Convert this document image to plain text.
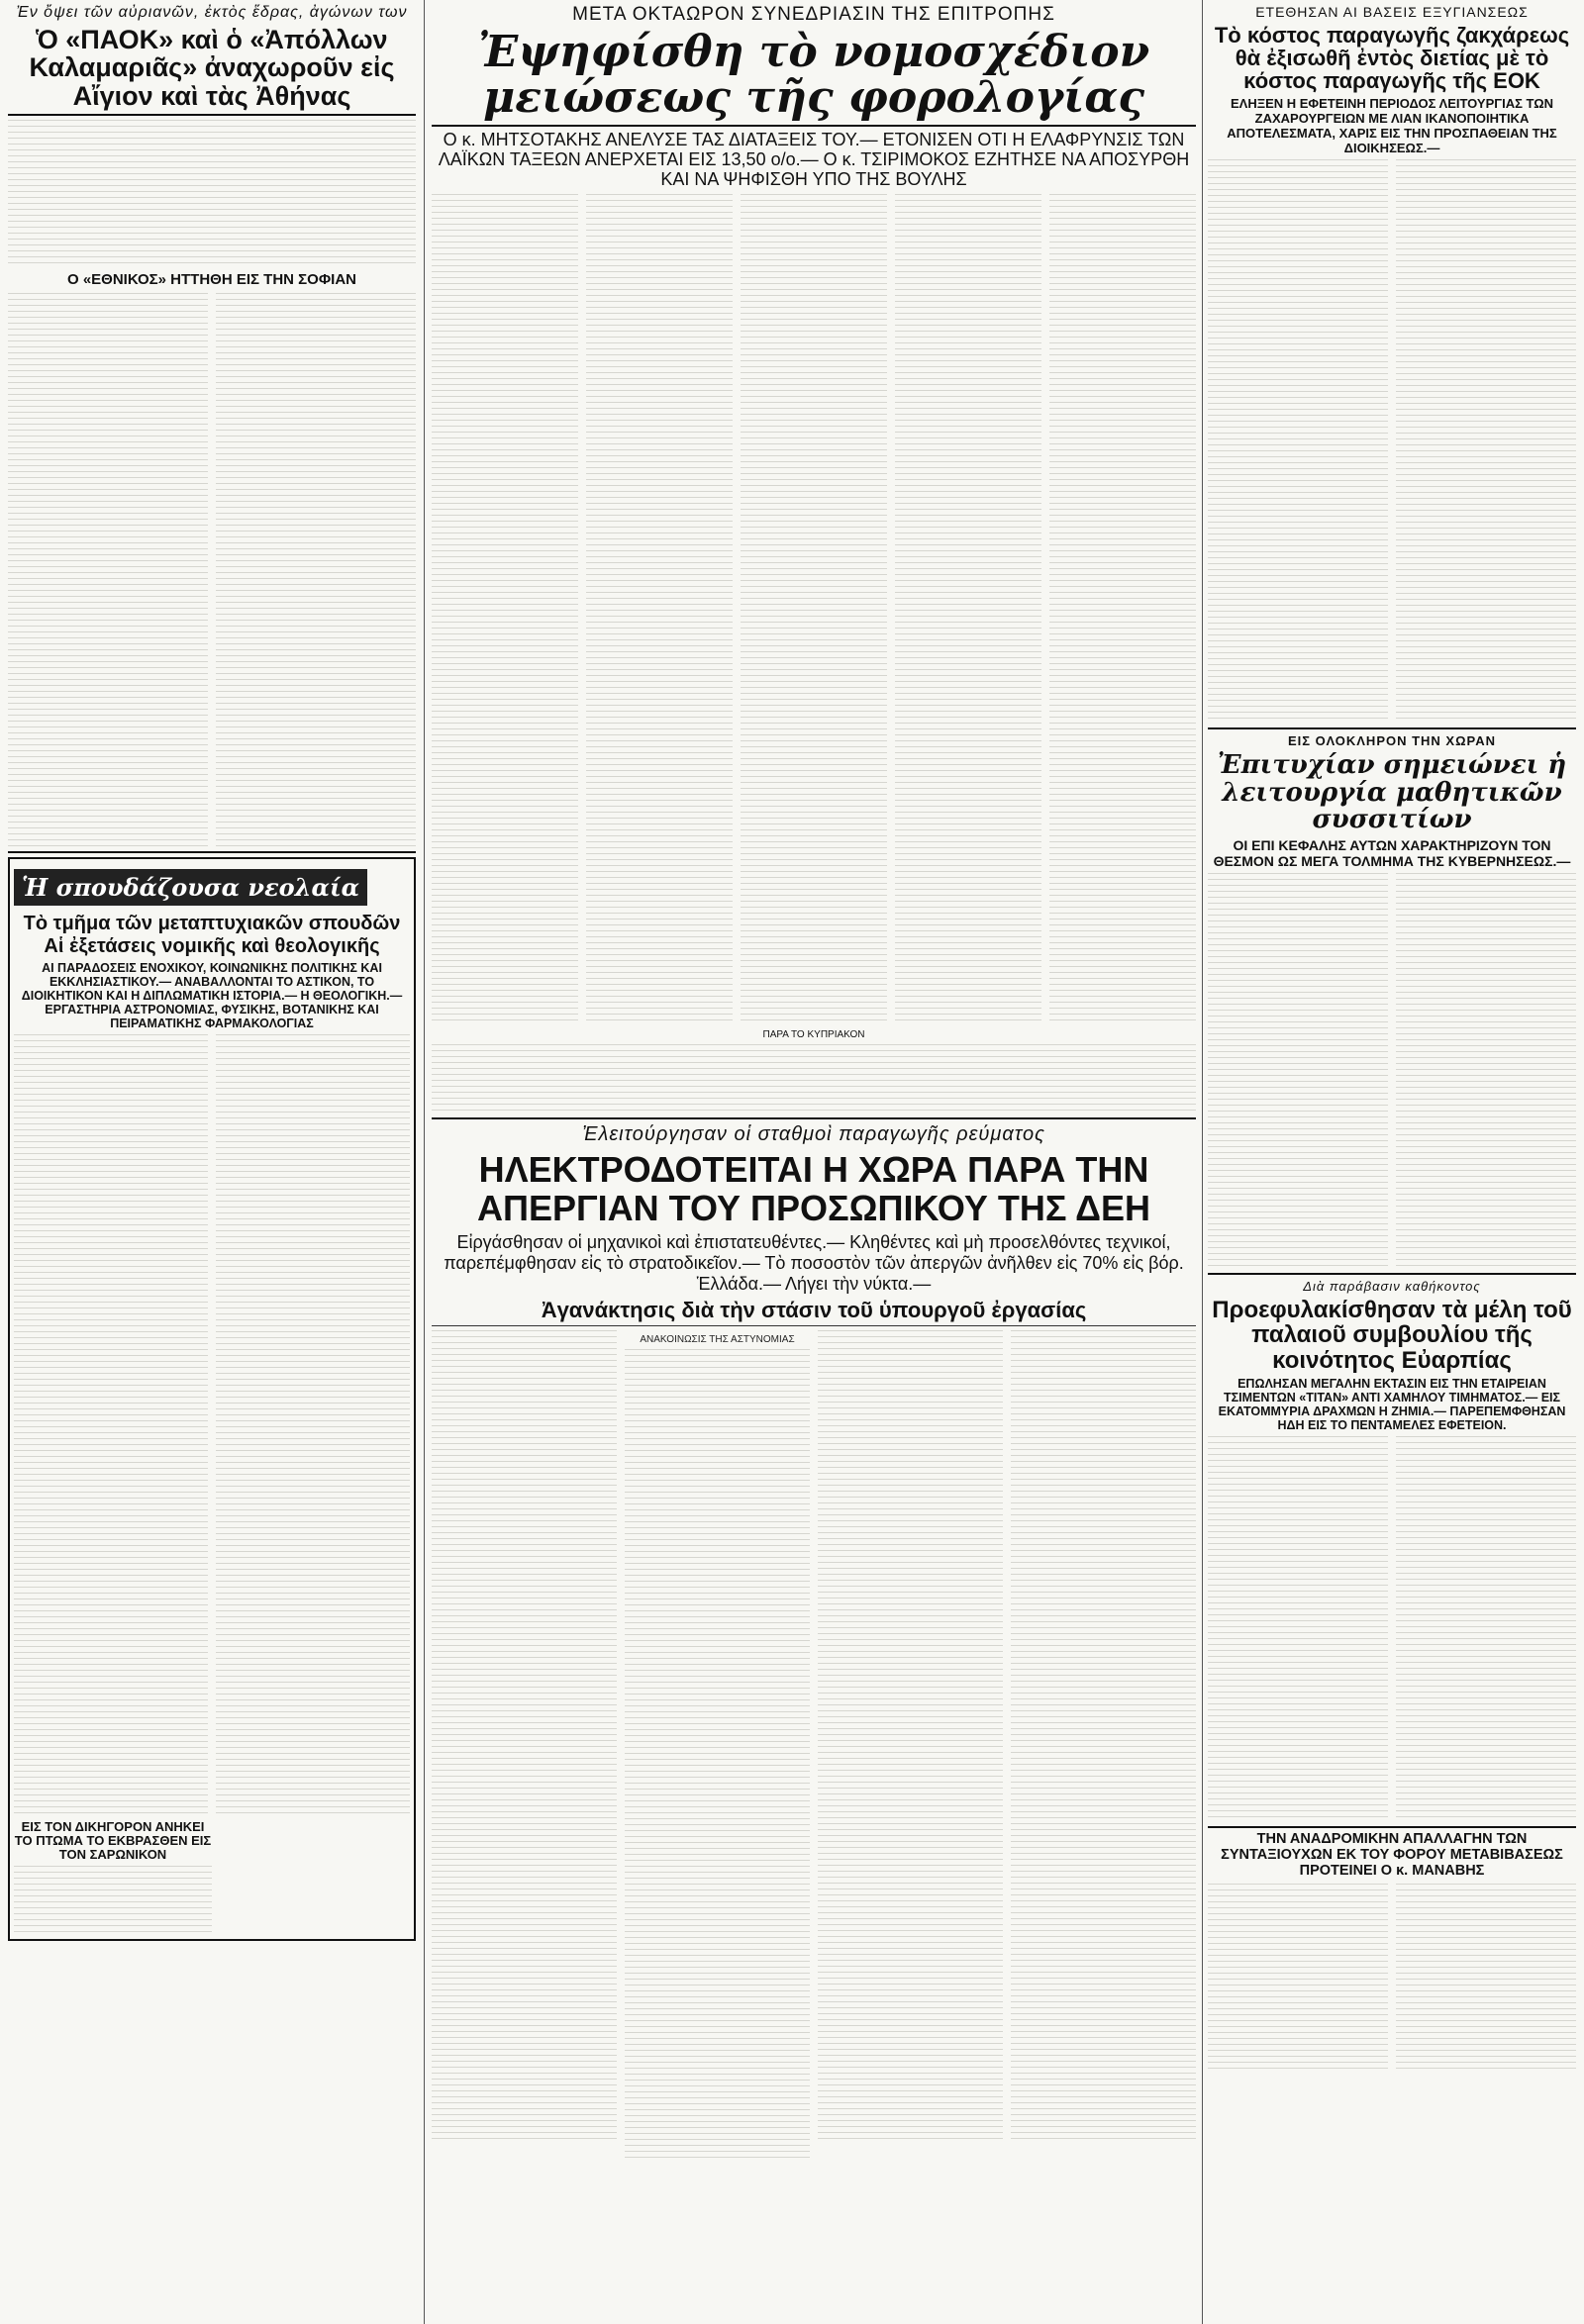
Ἐν ὄψει τῶν αὐριανῶν, ἐκτὸς ἕδρας, ἀγώνων των
Ὁ «ΠΑΟΚ» καὶ ὁ «Ἀπόλλων Καλαμαριᾶς» ἀναχωροῦν εἰς Αἴγιον καὶ τὰς Ἀθήνας
Ο «ΕΘΝΙΚΟΣ» ΗΤΤΗΘΗ ΕΙΣ ΤΗΝ ΣΟΦΙΑΝ
Ἡ σπουδάζουσα νεολαία
Τὸ τμῆμα τῶν μεταπτυχιακῶν σπουδῶν
Αἱ ἐξετάσεις νομικῆς καὶ θεολογικῆς
ΑΙ ΠΑΡΑΔΟΣΕΙΣ ΕΝΟΧΙΚΟΥ, ΚΟΙΝΩΝΙΚΗΣ ΠΟΛΙΤΙΚΗΣ ΚΑΙ ΕΚΚΛΗΣΙΑΣΤΙΚΟΥ.— ΑΝΑΒΑΛΛΟΝΤΑΙ ΤΟ ΑΣΤΙΚΟΝ, ΤΟ ΔΙΟΙΚΗΤΙΚΟΝ ΚΑΙ Η ΔΙΠΛΩΜΑΤΙΚΗ ΙΣΤΟΡΙΑ.— Η ΘΕΟΛΟΓΙΚΗ.— ΕΡΓΑΣΤΗΡΙΑ ΑΣΤΡΟΝΟΜΙΑΣ, ΦΥΣΙΚΗΣ, ΒΟΤΑΝΙΚΗΣ ΚΑΙ ΠΕΙΡΑΜΑΤΙΚΗΣ ΦΑΡΜΑΚΟΛΟΓΙΑΣ
ΕΙΣ ΤΟΝ ΔΙΚΗΓΟΡΟΝ ΑΝΗΚΕΙ ΤΟ ΠΤΩΜΑ ΤΟ ΕΚΒΡΑΣΘΕΝ ΕΙΣ ΤΟΝ ΣΑΡΩΝΙΚΟΝ
ΜΕΤΑ ΟΚΤΑΩΡΟΝ ΣΥΝΕΔΡΙΑΣΙΝ ΤΗΣ ΕΠΙΤΡΟΠΗΣ
Ἐψηφίσθη τὸ νομοσχέδιον μειώσεως τῆς φορολογίας
Ο κ. ΜΗΤΣΟΤΑΚΗΣ ΑΝΕΛΥΣΕ ΤΑΣ ΔΙΑΤΑΞΕΙΣ ΤΟΥ.— ΕΤΟΝΙΣΕΝ ΟΤΙ Η ΕΛΑΦΡΥΝΣΙΣ ΤΩΝ ΛΑΪΚΩΝ ΤΑΞΕΩΝ ΑΝΕΡΧΕΤΑΙ ΕΙΣ 13,50 ο/ο.— Ο κ. ΤΣΙΡΙΜΟΚΟΣ ΕΖΗΤΗΣΕ ΝΑ ΑΠΟΣΥΡΘΗ ΚΑΙ ΝΑ ΨΗΦΙΣΘΗ ΥΠΟ ΤΗΣ ΒΟΥΛΗΣ
ΠΑΡΑ ΤΟ ΚΥΠΡΙΑΚΟΝ
Ἐλειτούργησαν οἱ σταθμοὶ παραγωγῆς ρεύματος
ΗΛΕΚΤΡΟΔΟΤΕΙΤΑΙ Η ΧΩΡΑ ΠΑΡΑ ΤΗΝ ΑΠΕΡΓΙΑΝ ΤΟΥ ΠΡΟΣΩΠΙΚΟΥ ΤΗΣ ΔΕΗ
Εἰργάσθησαν οἱ μηχανικοὶ καὶ ἐπιστατευθέντες.— Κληθέντες καὶ μὴ προσελθόντες τεχνικοί, παρεπέμφθησαν εἰς τὸ στρατοδικεῖον.— Τὸ ποσοστὸν τῶν ἀπεργῶν ἀνῆλθεν εἰς 70% εἰς βόρ. Ἑλλάδα.— Λήγει τὴν νύκτα.—
Ἀγανάκτησις διὰ τὴν στάσιν τοῦ ὑπουργοῦ ἐργασίας
ΑΝΑΚΟΙΝΩΣΙΣ ΤΗΣ ΑΣΤΥΝΟΜΙΑΣ
ΕΤΕΘΗΣΑΝ ΑΙ ΒΑΣΕΙΣ ΕΞΥΓΙΑΝΣΕΩΣ
Τὸ κόστος παραγωγῆς ζακχάρεως θὰ ἐξισωθῆ ἐντὸς διετίας μὲ τὸ κόστος παραγωγῆς τῆς ΕΟΚ
ΕΛΗΞΕΝ Η ΕΦΕΤΕΙΝΗ ΠΕΡΙΟΔΟΣ ΛΕΙΤΟΥΡΓΙΑΣ ΤΩΝ ΖΑΧΑΡΟΥΡΓΕΙΩΝ ΜΕ ΛΙΑΝ ΙΚΑΝΟΠΟΙΗΤΙΚΑ ΑΠΟΤΕΛΕΣΜΑΤΑ, ΧΑΡΙΣ ΕΙΣ ΤΗΝ ΠΡΟΣΠΑΘΕΙΑΝ ΤΗΣ ΔΙΟΙΚΗΣΕΩΣ.—
ΕΙΣ ΟΛΟΚΛΗΡΟΝ ΤΗΝ ΧΩΡΑΝ
Ἐπιτυχίαν σημειώνει ἡ λειτουργία μαθητικῶν συσσιτίων
ΟΙ ΕΠΙ ΚΕΦΑΛΗΣ ΑΥΤΩΝ ΧΑΡΑΚΤΗΡΙΖΟΥΝ ΤΟΝ ΘΕΣΜΟΝ ΩΣ ΜΕΓΑ ΤΟΛΜΗΜΑ ΤΗΣ ΚΥΒΕΡΝΗΣΕΩΣ.—
Διὰ παράβασιν καθήκοντος
Προεφυλακίσθησαν τὰ μέλη τοῦ παλαιοῦ συμβουλίου τῆς κοινότητος Εὐαρπίας
ΕΠΩΛΗΣΑΝ ΜΕΓΑΛΗΝ ΕΚΤΑΣΙΝ ΕΙΣ ΤΗΝ ΕΤΑΙΡΕΙΑΝ ΤΣΙΜΕΝΤΩΝ «ΤΙΤΑΝ» ΑΝΤΙ ΧΑΜΗΛΟΥ ΤΙΜΗΜΑΤΟΣ.— ΕΙΣ ΕΚΑΤΟΜΜΥΡΙΑ ΔΡΑΧΜΩΝ Η ΖΗΜΙΑ.— ΠΑΡΕΠΕΜΦΘΗΣΑΝ ΗΔΗ ΕΙΣ ΤΟ ΠΕΝΤΑΜΕΛΕΣ ΕΦΕΤΕΙΟΝ.
ΤΗΝ ΑΝΑΔΡΟΜΙΚΗΝ ΑΠΑΛΛΑΓΗΝ ΤΩΝ ΣΥΝΤΑΞΙΟΥΧΩΝ ΕΚ ΤΟΥ ΦΟΡΟΥ ΜΕΤΑΒΙΒΑΣΕΩΣ ΠΡΟΤΕΙΝΕΙ Ο κ. ΜΑΝΑΒΗΣ
